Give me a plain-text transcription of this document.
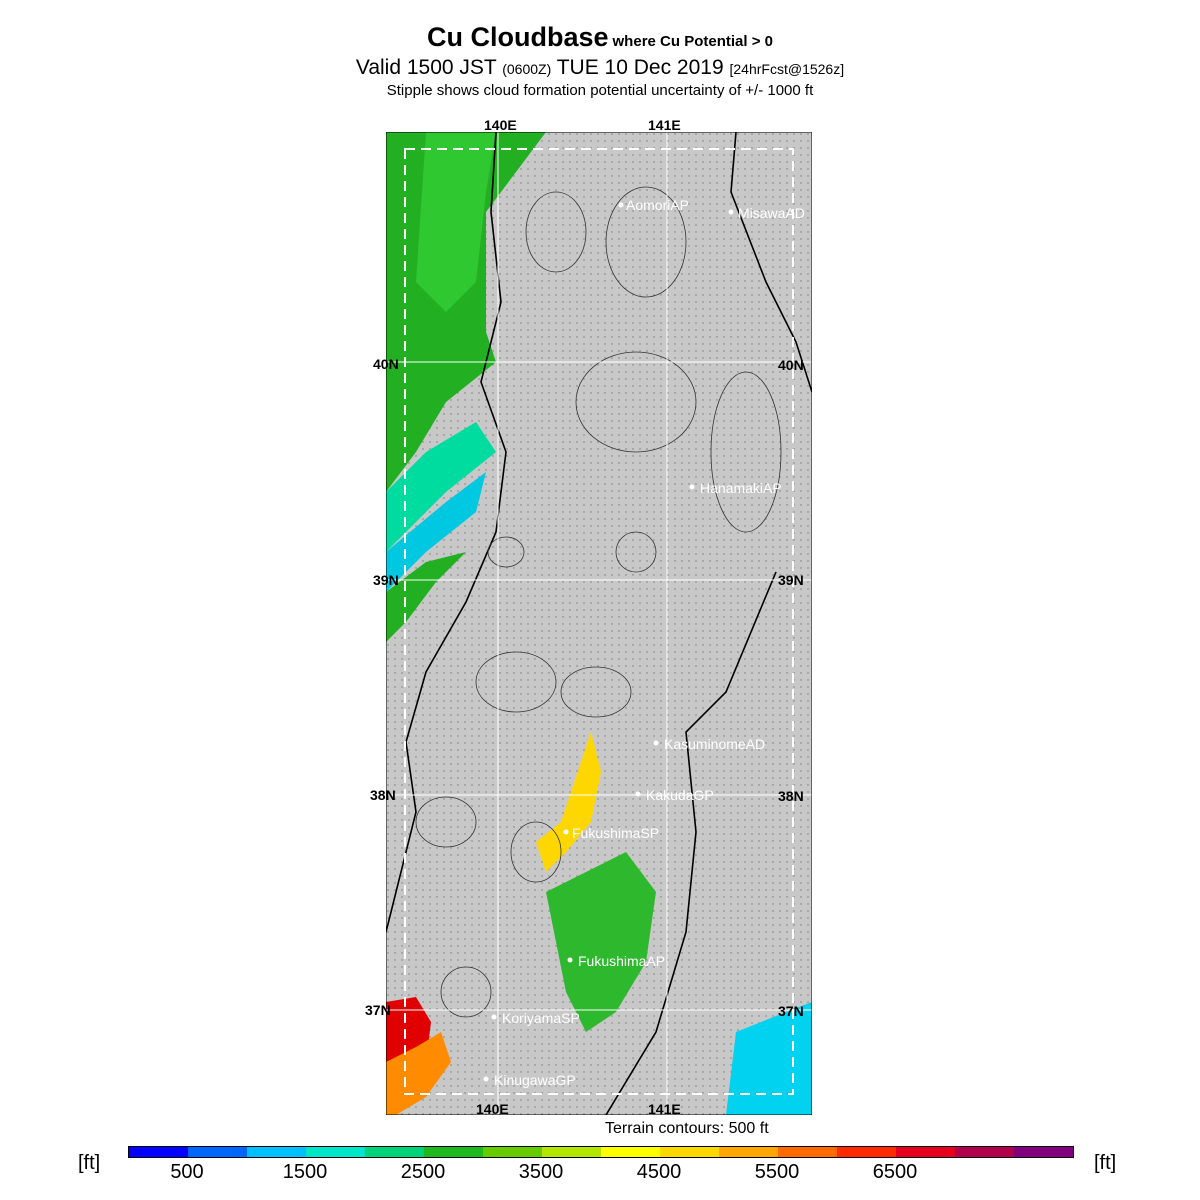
Cu Cloudbase where Cu Potential > 0
Valid 1500 JST (0600Z) TUE 10 Dec 2019 [24hrFcst@1526z]
Stipple shows cloud formation potential uncertainty of +/- 1000 ft
AomoriAP	MisawaAD
HanamakiAP
KasuminomeAD
KakudaGP
FukushimaSP
FukushimaAP
KoriyamaSP
KinugawaGP
140E	141E
140E	141E
40N
39N
38N
37N
40N
39N
38N
37N
Terrain contours: 500 ft
[ft]	[ft]
500	1500	2500	3500	4500	5500	6500
